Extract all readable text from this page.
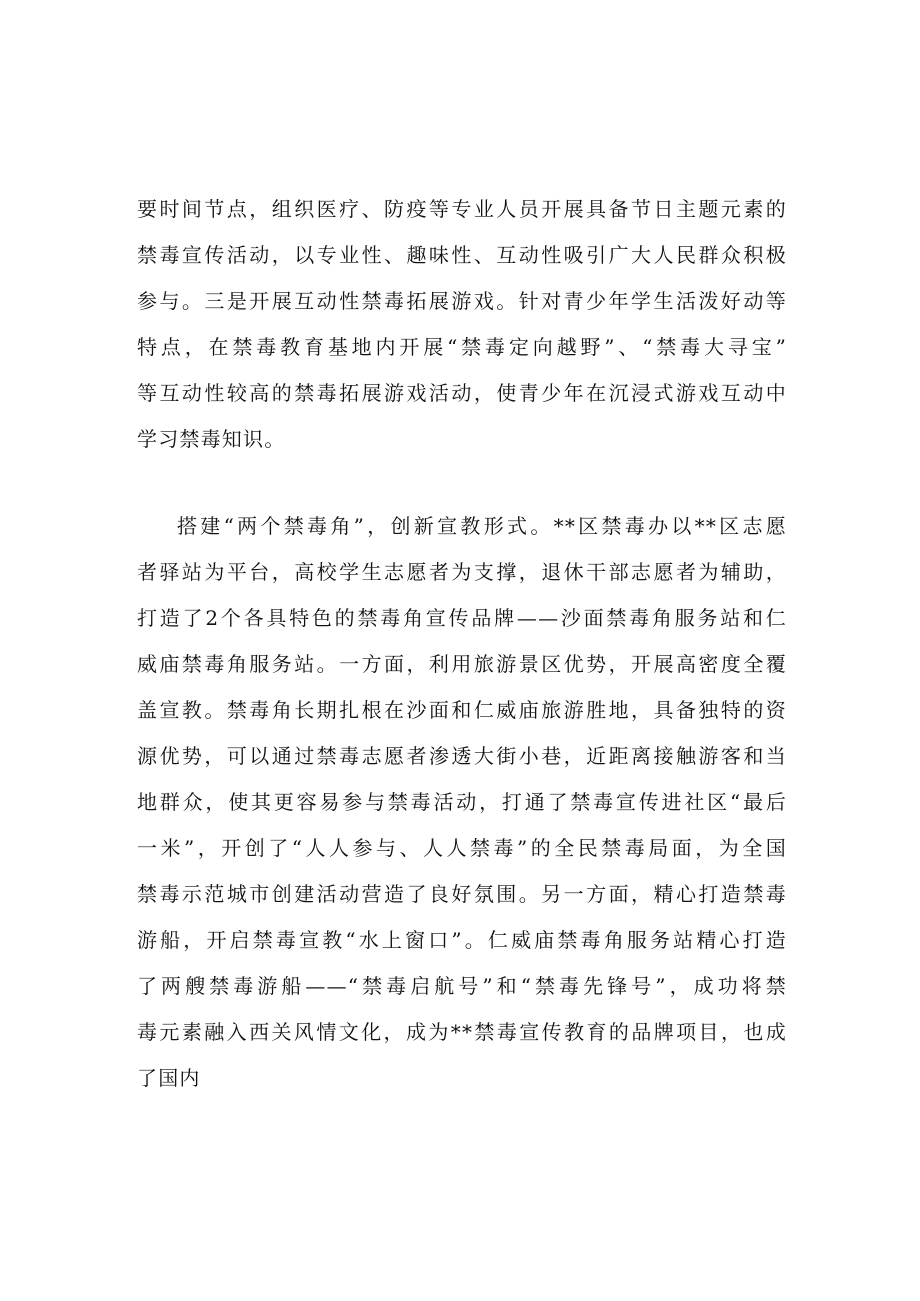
要时间节点，组织医疗、防疫等专业人员开展具备节日主题元素的
禁毒宣传活动，以专业性、趣味性、互动性吸引广大人民群众积极
参与。三是开展互动性禁毒拓展游戏。针对青少年学生活泼好动等
特点，在禁毒教育基地内开展“禁毒定向越野”、“禁毒大寻宝”
等互动性较高的禁毒拓展游戏活动，使青少年在沉浸式游戏互动中
学习禁毒知识。
搭建“两个禁毒角”，创新宣教形式。**区禁毒办以**区志愿
者驿站为平台，高校学生志愿者为支撑，退休干部志愿者为辅助，
打造了2个各具特色的禁毒角宣传品牌——沙面禁毒角服务站和仁
威庙禁毒角服务站。一方面，利用旅游景区优势，开展高密度全覆
盖宣教。禁毒角长期扎根在沙面和仁威庙旅游胜地，具备独特的资
源优势，可以通过禁毒志愿者渗透大街小巷，近距离接触游客和当
地群众，使其更容易参与禁毒活动，打通了禁毒宣传进社区“最后
一米”，开创了“人人参与、人人禁毒”的全民禁毒局面，为全国
禁毒示范城市创建活动营造了良好氛围。另一方面，精心打造禁毒
游船，开启禁毒宣教“水上窗口”。仁威庙禁毒角服务站精心打造
了两艘禁毒游船——“禁毒启航号”和“禁毒先锋号”，成功将禁
毒元素融入西关风情文化，成为**禁毒宣传教育的品牌项目，也成
了国内
